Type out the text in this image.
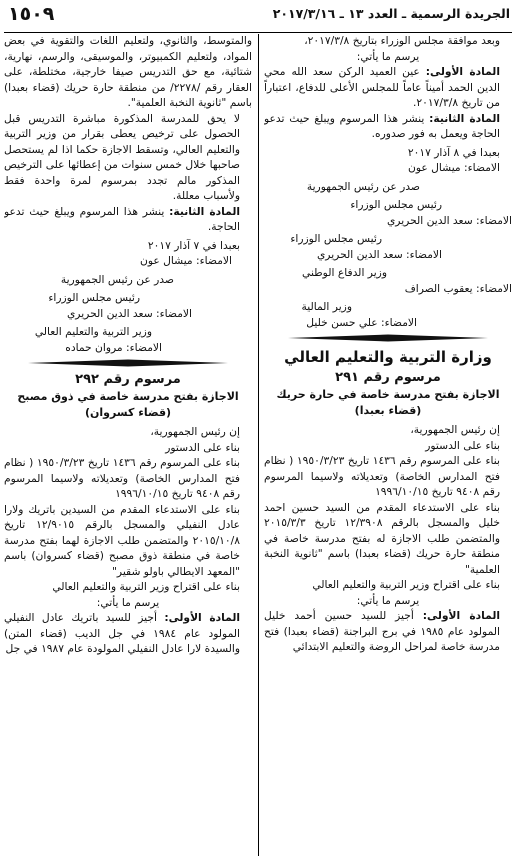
الجريدة الرسمية ـ العدد ١٣ ـ ٢٠١٧/٣/١٦
١٥٠٩

وبعد موافقة مجلس الوزراء بتاريخ ٢٠١٧/٣/٨،

يرسم ما يأتي:

المادة الأولى: عين العميد الركن سعد الله محي الدين الحمد أميناً عاماً للمجلس الأعلى للدفاع، اعتباراً من تاريخ ٢٠١٧/٣/٨.

المادة الثانية: ينشر هذا المرسوم ويبلغ حيث تدعو الحاجة ويعمل به فور صدوره.

بعبدا في ٨ آذار ٢٠١٧

الامضاء: ميشال عون
صدر عن رئيس الجمهورية
رئيس مجلس الوزراء
الامضاء: سعد الدين الحريري
رئيس مجلس الوزراء
الامضاء: سعد الدين الحريري
وزير الدفاع الوطني
الامضاء: يعقوب الصراف
وزير المالية
الامضاء: علي حسن خليل
وزارة التربية والتعليم العالي
مرسوم رقم ٢٩١
الاجازة بفتح مدرسة خاصة في حارة حريك
(قضاء بعبدا)

إن رئيس الجمهورية،

بناء على الدستور

بناء على المرسوم رقم ١٤٣٦ تاريخ ١٩٥٠/٣/٢٣ ( نظام فتح المدارس الخاصة) وتعديلاته ولاسيما المرسوم رقم ٩٤٠٨ تاريخ ١٩٩٦/١٠/١٥

بناء على الاستدعاء المقدم من السيد حسين احمد خليل والمسجل بالرقم ١٢/٣٩٠٨ تاريخ ٢٠١٥/٣/٣ والمتضمن طلب الاجازة له بفتح مدرسة خاصة في منطقة حارة حريك (قضاء بعبدا) باسم "ثانوية النخبة العلمية"

بناء على اقتراح وزير التربية والتعليم العالي

يرسم ما يأتي:

المادة الأولى: أجيز للسيد حسين أحمد خليل المولود عام ١٩٨٥ في برج البراجنة (قضاء بعبدا) فتح مدرسة خاصة لمراحل الروضة والتعليم الابتدائي

والمتوسط، والثانوي، ولتعليم اللغات والتقوية في بعض المواد، ولتعليم الكمبيوتر، والموسيقى، والرسم، نهارية، شتائية، مع حق التدريس صيفا خارجية، مختلطة، على العقار رقم /٢٢٧٨/ من منطقة حارة حريك (قضاء بعبدا) باسم "ثانوية النخبة العلمية".

لا يحق للمدرسة المذكورة مباشرة التدريس قبل الحصول على ترخيص يعطى بقرار من وزير التربية والتعليم العالي، وتسقط الاجازة حكما اذا لم يستحصل صاحبها خلال خمس سنوات من إعطائها على الترخيص المذكور مالم تجدد بمرسوم لمرة واحدة فقط ولأسباب معللة.

المادة الثانية: ينشر هذا المرسوم ويبلغ حيث تدعو الحاجة.

بعبدا في ٧ آذار ٢٠١٧

الامضاء: ميشال عون
صدر عن رئيس الجمهورية
رئيس مجلس الوزراء
الامضاء: سعد الدين الحريري
وزير التربية والتعليم العالي
الامضاء: مروان حماده
مرسوم رقم ٢٩٢
الاجازة بفتح مدرسة خاصة في ذوق مصبح
(قضاء كسروان)

إن رئيس الجمهورية،

بناء على الدستور

بناء على المرسوم رقم ١٤٣٦ تاريخ ١٩٥٠/٣/٢٣ ( نظام فتح المدارس الخاصة) وتعديلاته ولاسيما المرسوم رقم ٩٤٠٨ تاريخ ١٩٩٦/١٠/١٥

بناء على الاستدعاء المقدم من السيدين باتريك ولارا عادل النفيلي والمسجل بالرقم ١٢/٩٠١٥ تاريخ ٢٠١٥/١٠/٨ والمتضمن طلب الاجازة لهما بفتح مدرسة خاصة في منطقة ذوق مصبح (قضاء كسروان) باسم "المعهد الايطالي باولو شقير"

بناء على اقتراح وزير التربية والتعليم العالي

يرسم ما يأتي:

المادة الأولى: أجيز للسيد باتريك عادل النفيلي المولود عام ١٩٨٤ في جل الديب (قضاء المتن) والسيدة لارا عادل النفيلي المولودة عام ١٩٨٧ في جل
